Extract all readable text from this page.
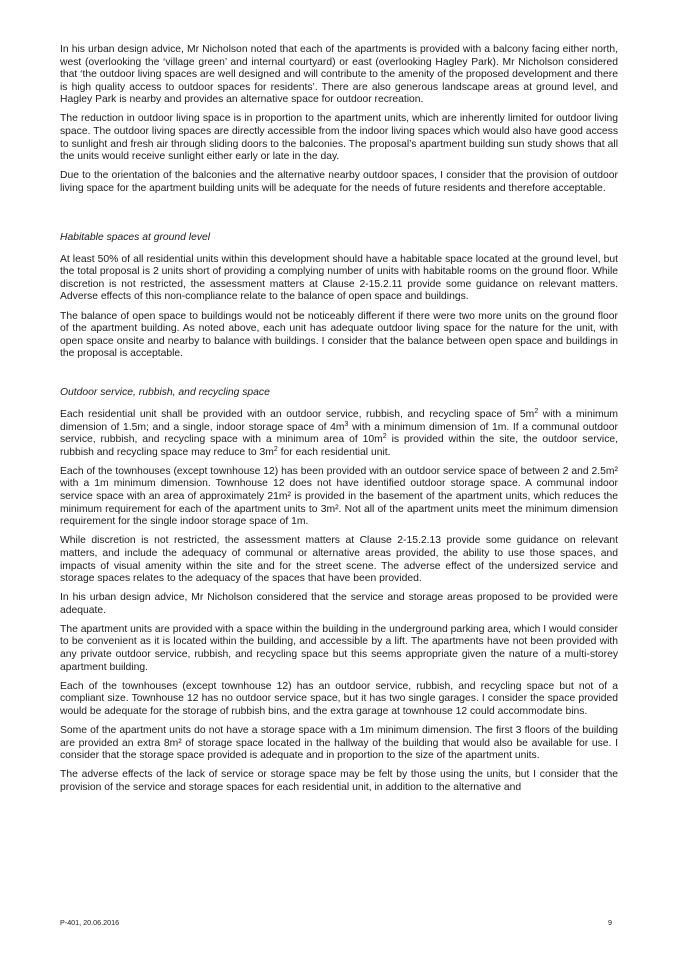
In his urban design advice, Mr Nicholson noted that each of the apartments is provided with a balcony facing either north, west (overlooking the ‘village green’ and internal courtyard) or east (overlooking Hagley Park). Mr Nicholson considered that ‘the outdoor living spaces are well designed and will contribute to the amenity of the proposed development and there is high quality access to outdoor spaces for residents’. There are also generous landscape areas at ground level, and Hagley Park is nearby and provides an alternative space for outdoor recreation.

The reduction in outdoor living space is in proportion to the apartment units, which are inherently limited for outdoor living space. The outdoor living spaces are directly accessible from the indoor living spaces which would also have good access to sunlight and fresh air through sliding doors to the balconies. The proposal’s apartment building sun study shows that all the units would receive sunlight either early or late in the day.

Due to the orientation of the balconies and the alternative nearby outdoor spaces, I consider that the provision of outdoor living space for the apartment building units will be adequate for the needs of future residents and therefore acceptable.

Habitable spaces at ground level

At least 50% of all residential units within this development should have a habitable space located at the ground level, but the total proposal is 2 units short of providing a complying number of units with habitable rooms on the ground floor. While discretion is not restricted, the assessment matters at Clause 2-15.2.11 provide some guidance on relevant matters. Adverse effects of this non-compliance relate to the balance of open space and buildings.

The balance of open space to buildings would not be noticeably different if there were two more units on the ground floor of the apartment building. As noted above, each unit has adequate outdoor living space for the nature for the unit, with open space onsite and nearby to balance with buildings. I consider that the balance between open space and buildings in the proposal is acceptable.

Outdoor service, rubbish, and recycling space

Each residential unit shall be provided with an outdoor service, rubbish, and recycling space of $5m^2$ with a minimum dimension of 1.5m; and a single, indoor storage space of $4m^3$ with a minimum dimension of 1m. If a communal outdoor service, rubbish, and recycling space with a minimum area of $10m^2$ is provided within the site, the outdoor service, rubbish and recycling space may reduce to $3m^2$ for each residential unit.

Each of the townhouses (except townhouse 12) has been provided with an outdoor service space of between 2 and 2.5m² with a 1m minimum dimension. Townhouse 12 does not have identified outdoor storage space. A communal indoor service space with an area of approximately 21m² is provided in the basement of the apartment units, which reduces the minimum requirement for each of the apartment units to 3m². Not all of the apartment units meet the minimum dimension requirement for the single indoor storage space of 1m.

While discretion is not restricted, the assessment matters at Clause 2-15.2.13 provide some guidance on relevant matters, and include the adequacy of communal or alternative areas provided, the ability to use those spaces, and impacts of visual amenity within the site and for the street scene. The adverse effect of the undersized service and storage spaces relates to the adequacy of the spaces that have been provided.

In his urban design advice, Mr Nicholson considered that the service and storage areas proposed to be provided were adequate.

The apartment units are provided with a space within the building in the underground parking area, which I would consider to be convenient as it is located within the building, and accessible by a lift. The apartments have not been provided with any private outdoor service, rubbish, and recycling space but this seems appropriate given the nature of a multi-storey apartment building.

Each of the townhouses (except townhouse 12) has an outdoor service, rubbish, and recycling space but not of a compliant size. Townhouse 12 has no outdoor service space, but it has two single garages. I consider the space provided would be adequate for the storage of rubbish bins, and the extra garage at townhouse 12 could accommodate bins.

Some of the apartment units do not have a storage space with a 1m minimum dimension. The first 3 floors of the building are provided an extra 8m² of storage space located in the hallway of the building that would also be available for use. I consider that the storage space provided is adequate and in proportion to the size of the apartment units.

The adverse effects of the lack of service or storage space may be felt by those using the units, but I consider that the provision of the service and storage spaces for each residential unit, in addition to the alternative and

P-401, 20.06.2016	9
